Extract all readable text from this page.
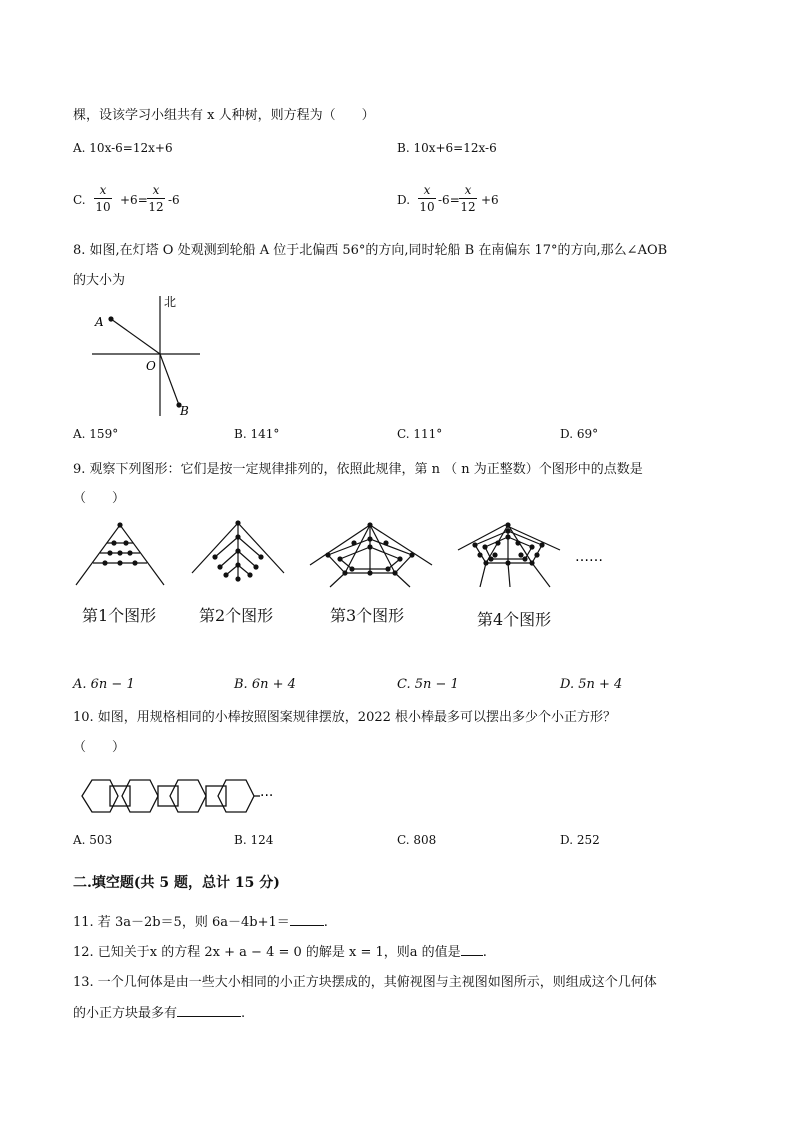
棵，设该学习小组共有 x 人种树，则方程为（　　）
A. 10x-6=12x+6	B. 10x+6=12x-6
C.
x
10 +6=
x
12 -6	D.
x
10 -6=
x
12 +6
8. 如图,在灯塔 O 处观测到轮船 A 位于北偏西 56°的方向,同时轮船 B 在南偏东 17°的方向,那么∠AOB
的大小为
北
A
O
B
A. 159°	B. 141°	C. 111°	D. 69°
9. 观察下列图形：它们是按一定规律排列的，依照此规律，第 n （ n 为正整数）个图形中的点数是
（　　）
……
第1个图形	第2个图形	第3个图形	第4个图形
A. 6n − 1	B. 6n + 4	C. 5n − 1	D. 5n + 4
10. 如图，用规格相同的小棒按照图案规律摆放，2022 根小棒最多可以摆出多少个小正方形？
（　　）
···
A. 503	B. 124	C. 808	D. 252
二.填空题(共 5 题，总计 15 分)
11. 若 3a－2b＝5，则 6a－4b+1＝	.
12. 已知关于x 的方程 2x + a − 4 = 0 的解是 x = 1，则a 的值是 .
13. 一个几何体是由一些大小相同的小正方块摆成的，其俯视图与主视图如图所示，则组成这个几何体
的小正方块最多有	.
